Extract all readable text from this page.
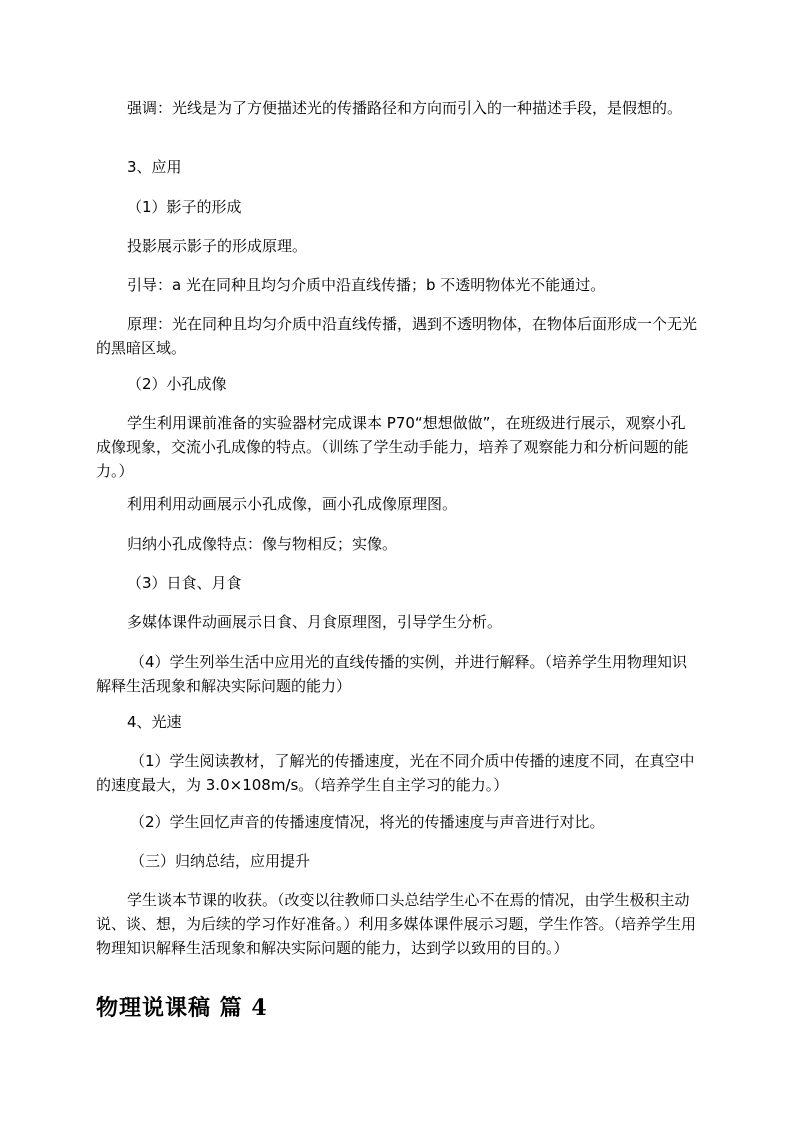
强调：光线是为了方便描述光的传播路径和方向而引入的一种描述手段，是假想的。

3、应用

（1）影子的形成

投影展示影子的形成原理。

引导：a 光在同种且均匀介质中沿直线传播；b 不透明物体光不能通过。

原理：光在同种且均匀介质中沿直线传播，遇到不透明物体，在物体后面形成一个无光的黑暗区域。

（2）小孔成像

学生利用课前准备的实验器材完成课本 P70“想想做做”，在班级进行展示，观察小孔成像现象，交流小孔成像的特点。（训练了学生动手能力，培养了观察能力和分析问题的能力。）

利用利用动画展示小孔成像，画小孔成像原理图。

归纳小孔成像特点：像与物相反；实像。

（3）日食、月食

多媒体课件动画展示日食、月食原理图，引导学生分析。

（4）学生列举生活中应用光的直线传播的实例，并进行解释。（培养学生用物理知识解释生活现象和解决实际问题的能力）

4、光速

（1）学生阅读教材，了解光的传播速度，光在不同介质中传播的速度不同，在真空中的速度最大，为 3.0×108m/s。（培养学生自主学习的能力。）

（2）学生回忆声音的传播速度情况，将光的传播速度与声音进行对比。

（三）归纳总结，应用提升

学生谈本节课的收获。（改变以往教师口头总结学生心不在焉的情况，由学生极积主动说、谈、想，为后续的学习作好准备。）利用多媒体课件展示习题，学生作答。（培养学生用物理知识解释生活现象和解决实际问题的能力，达到学以致用的目的。）

物理说课稿 篇 4
